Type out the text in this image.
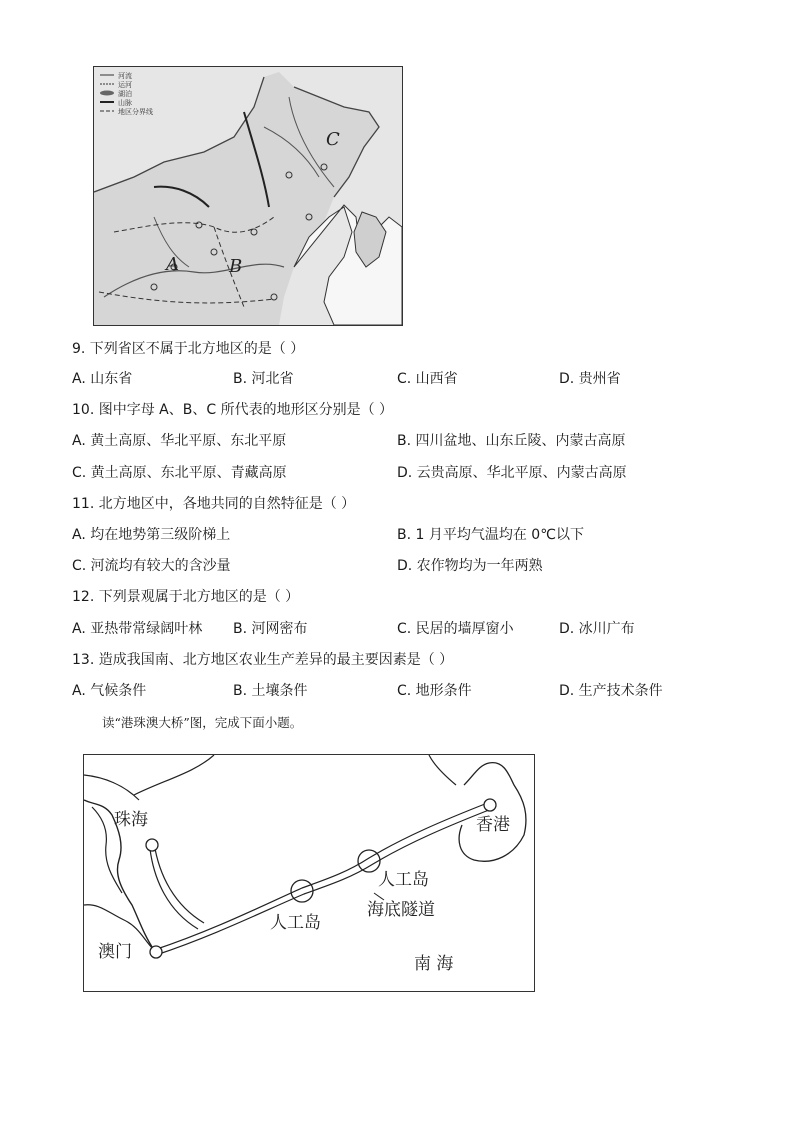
河流
运河
湖泊
山脉
地区分界线
A	B
C
9. 下列省区不属于北方地区的是（ ）
A. 山东省	B. 河北省	C. 山西省	D. 贵州省
10. 图中字母 A、B、C 所代表的地形区分别是（ ）
A. 黄土高原、华北平原、东北平原	B. 四川盆地、山东丘陵、内蒙古高原
C. 黄土高原、东北平原、青藏高原	D. 云贵高原、华北平原、内蒙古高原
11. 北方地区中，各地共同的自然特征是（ ）
A. 均在地势第三级阶梯上	B. 1 月平均气温均在 0℃以下
C. 河流均有较大的含沙量	D. 农作物均为一年两熟
12. 下列景观属于北方地区的是（ ）
A. 亚热带常绿阔叶林 B. 河网密布	C. 民居的墙厚窗小	D. 冰川广布
13. 造成我国南、北方地区农业生产差异的最主要因素是（ ）
A. 气候条件	B. 土壤条件	C. 地形条件	D. 生产技术条件
读“港珠澳大桥”图，完成下面小题。
珠海	香港
澳门
人工岛
人工岛
海底隧道
南 海
